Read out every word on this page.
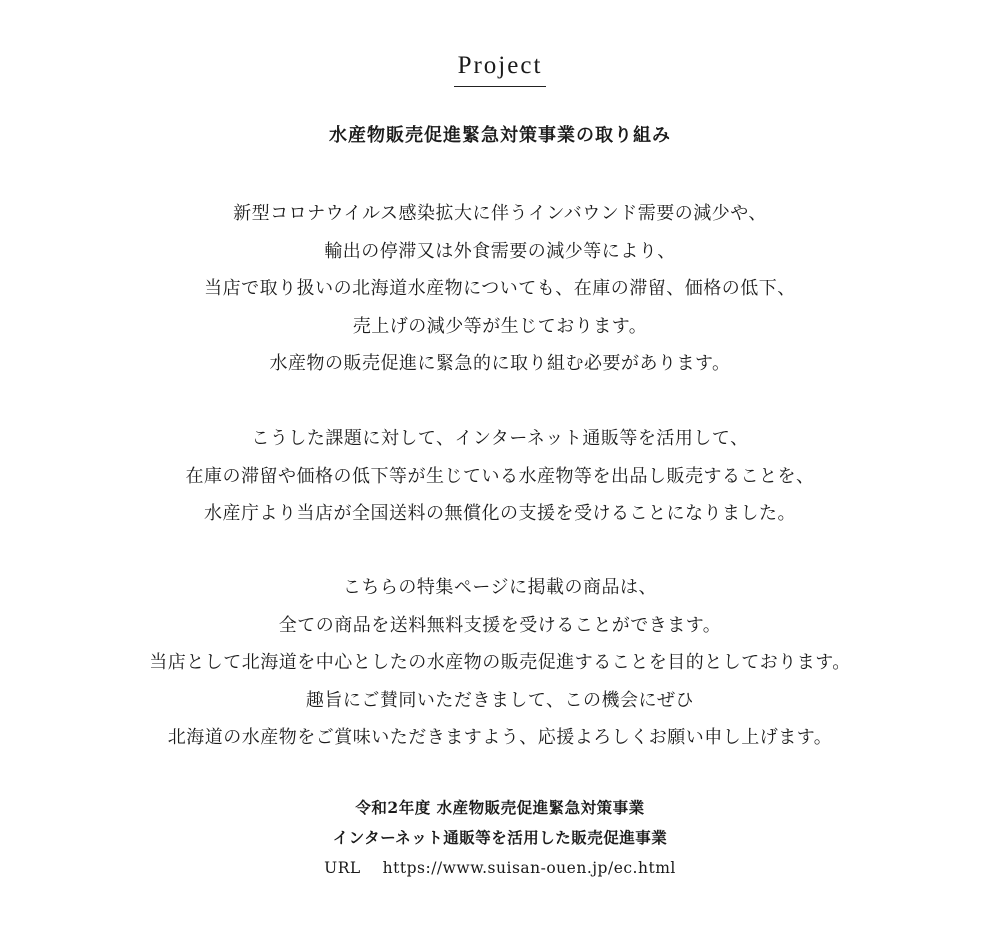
Project
水産物販売促進緊急対策事業の取り組み
新型コロナウイルス感染拡大に伴うインバウンド需要の減少や、
輸出の停滞又は外食需要の減少等により、
当店で取り扱いの北海道水産物についても、在庫の滞留、価格の低下、
売上げの減少等が生じております。
水産物の販売促進に緊急的に取り組む必要があります。
こうした課題に対して、インターネット通販等を活用して、
在庫の滞留や価格の低下等が生じている水産物等を出品し販売することを、
水産庁より当店が全国送料の無償化の支援を受けることになりました。
こちらの特集ページに掲載の商品は、
全ての商品を送料無料支援を受けることができます。
当店として北海道を中心としたの水産物の販売促進することを目的としております。
趣旨にご賛同いただきまして、この機会にぜひ
北海道の水産物をご賞味いただきますよう、応援よろしくお願い申し上げます。
令和2年度 水産物販売促進緊急対策事業
インターネット通販等を活用した販売促進事業
URL https://www.suisan-ouen.jp/ec.html
